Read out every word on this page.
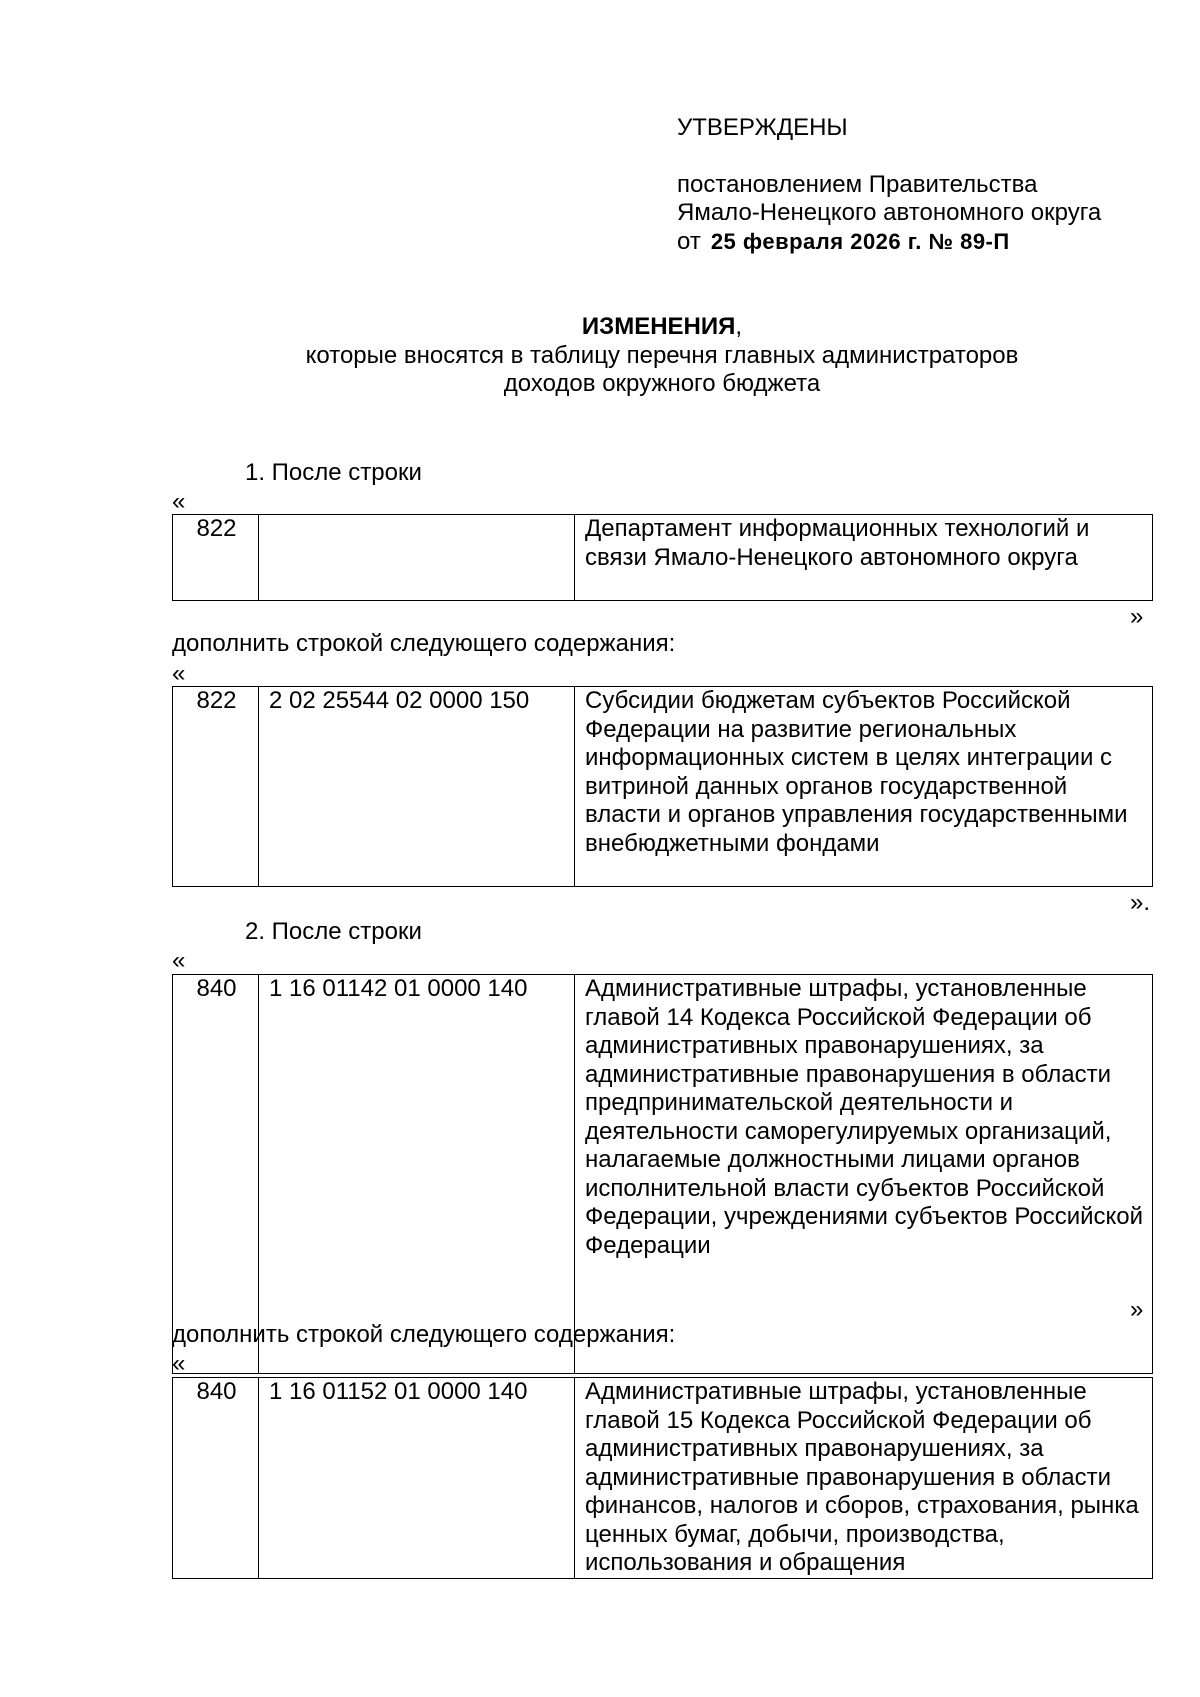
УТВЕРЖДЕНЫ
постановлением Правительства
Ямало-Ненецкого автономного округа
от 25 февраля 2026 г. № 89-П
ИЗМЕНЕНИЯ,
которые вносятся в таблицу перечня главных администраторов
доходов окружного бюджета
1. После строки
«
822		Департамент информационных технологий и связи Ямало-Ненецкого автономного округа
»
дополнить строкой следующего содержания:
«
822	2 02 25544 02 0000 150	Субсидии бюджетам субъектов Российской Федерации на развитие региональных информационных систем в целях интеграции с витриной данных органов государственной власти и органов управления государственными внебюджетными фондами
».
2. После строки
«
840	1 16 01142 01 0000 140	Административные штрафы, установленные главой 14 Кодекса Российской Федерации об административных правонарушениях, за административные правонарушения в области предпринимательской деятельности и деятельности саморегулируемых организаций, налагаемые должностными лицами органов исполнительной власти субъектов Российской Федерации, учреждениями субъектов Российской Федерации
»
дополнить строкой следующего содержания:
«
840	1 16 01152 01 0000 140	Административные штрафы, установленные главой 15 Кодекса Российской Федерации об административных правонарушениях, за административные правонарушения в области финансов, налогов и сборов, страхования, рынка ценных бумаг, добычи, производства, использования и обращения
